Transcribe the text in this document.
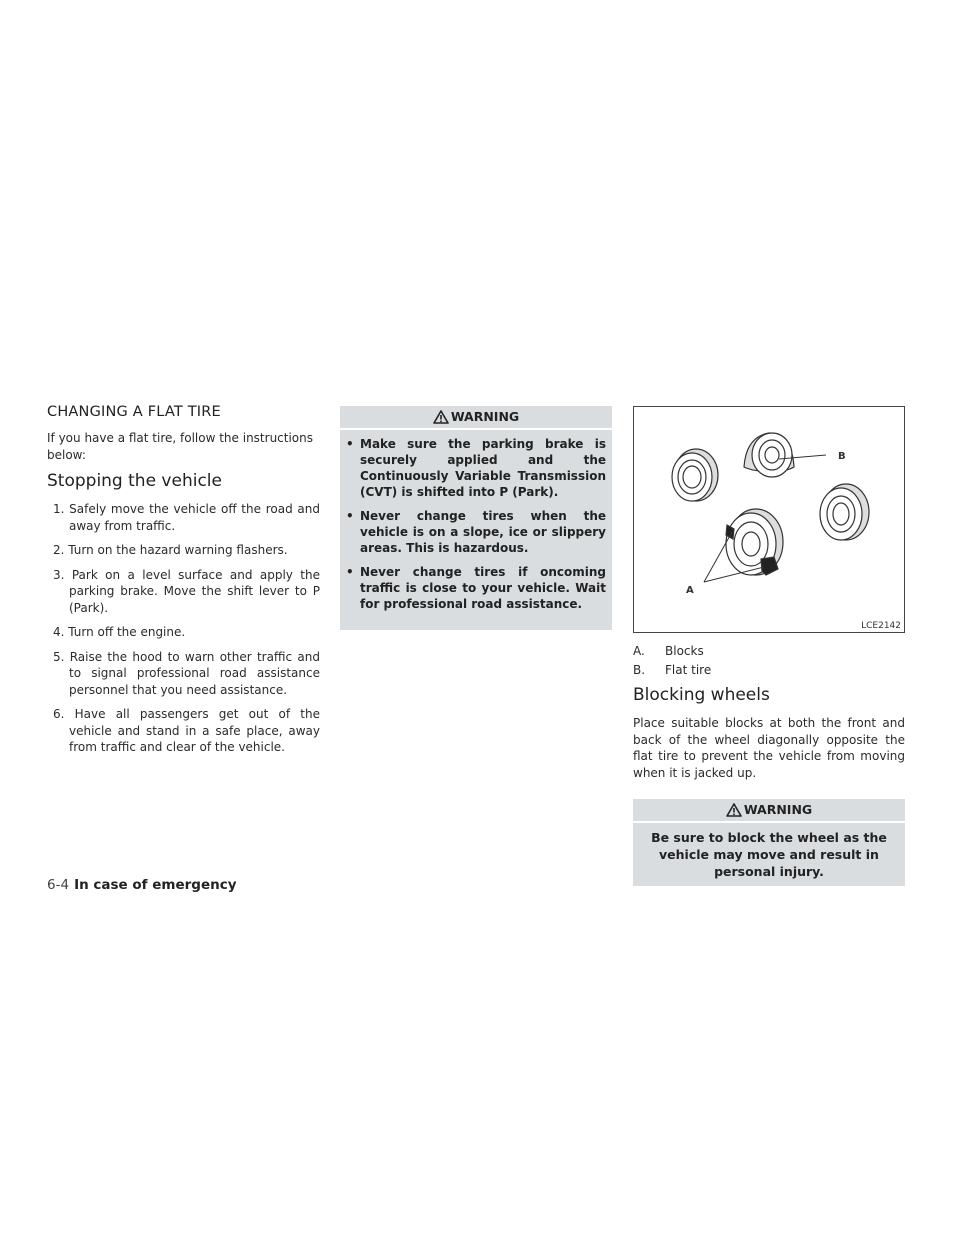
CHANGING A FLAT TIRE

If you have a flat tire, follow the instructions below:

Stopping the vehicle
1. Safely move the vehicle off the road and away from traffic.
2. Turn on the hazard warning flashers.
3. Park on a level surface and apply the parking brake. Move the shift lever to P (Park).
4. Turn off the engine.
5. Raise the hood to warn other traffic and to signal professional road assistance personnel that you need assistance.
6. Have all passengers get out of the vehicle and stand in a safe place, away from traffic and clear of the vehicle.
WARNING
• Make sure the parking brake is securely applied and the Continuously Variable Transmission (CVT) is shifted into P (Park).
• Never change tires when the vehicle is on a slope, ice or slippery areas. This is hazardous.
• Never change tires if oncoming traffic is close to your vehicle. Wait for professional road assistance.
B
A
LCE2142

A. Blocks

B. Flat tire

Blocking wheels

Place suitable blocks at both the front and back of the wheel diagonally opposite the flat tire to prevent the vehicle from moving when it is jacked up.

WARNING
Be sure to block the wheel as the vehicle may move and result in personal injury.
6-4 In case of emergency
